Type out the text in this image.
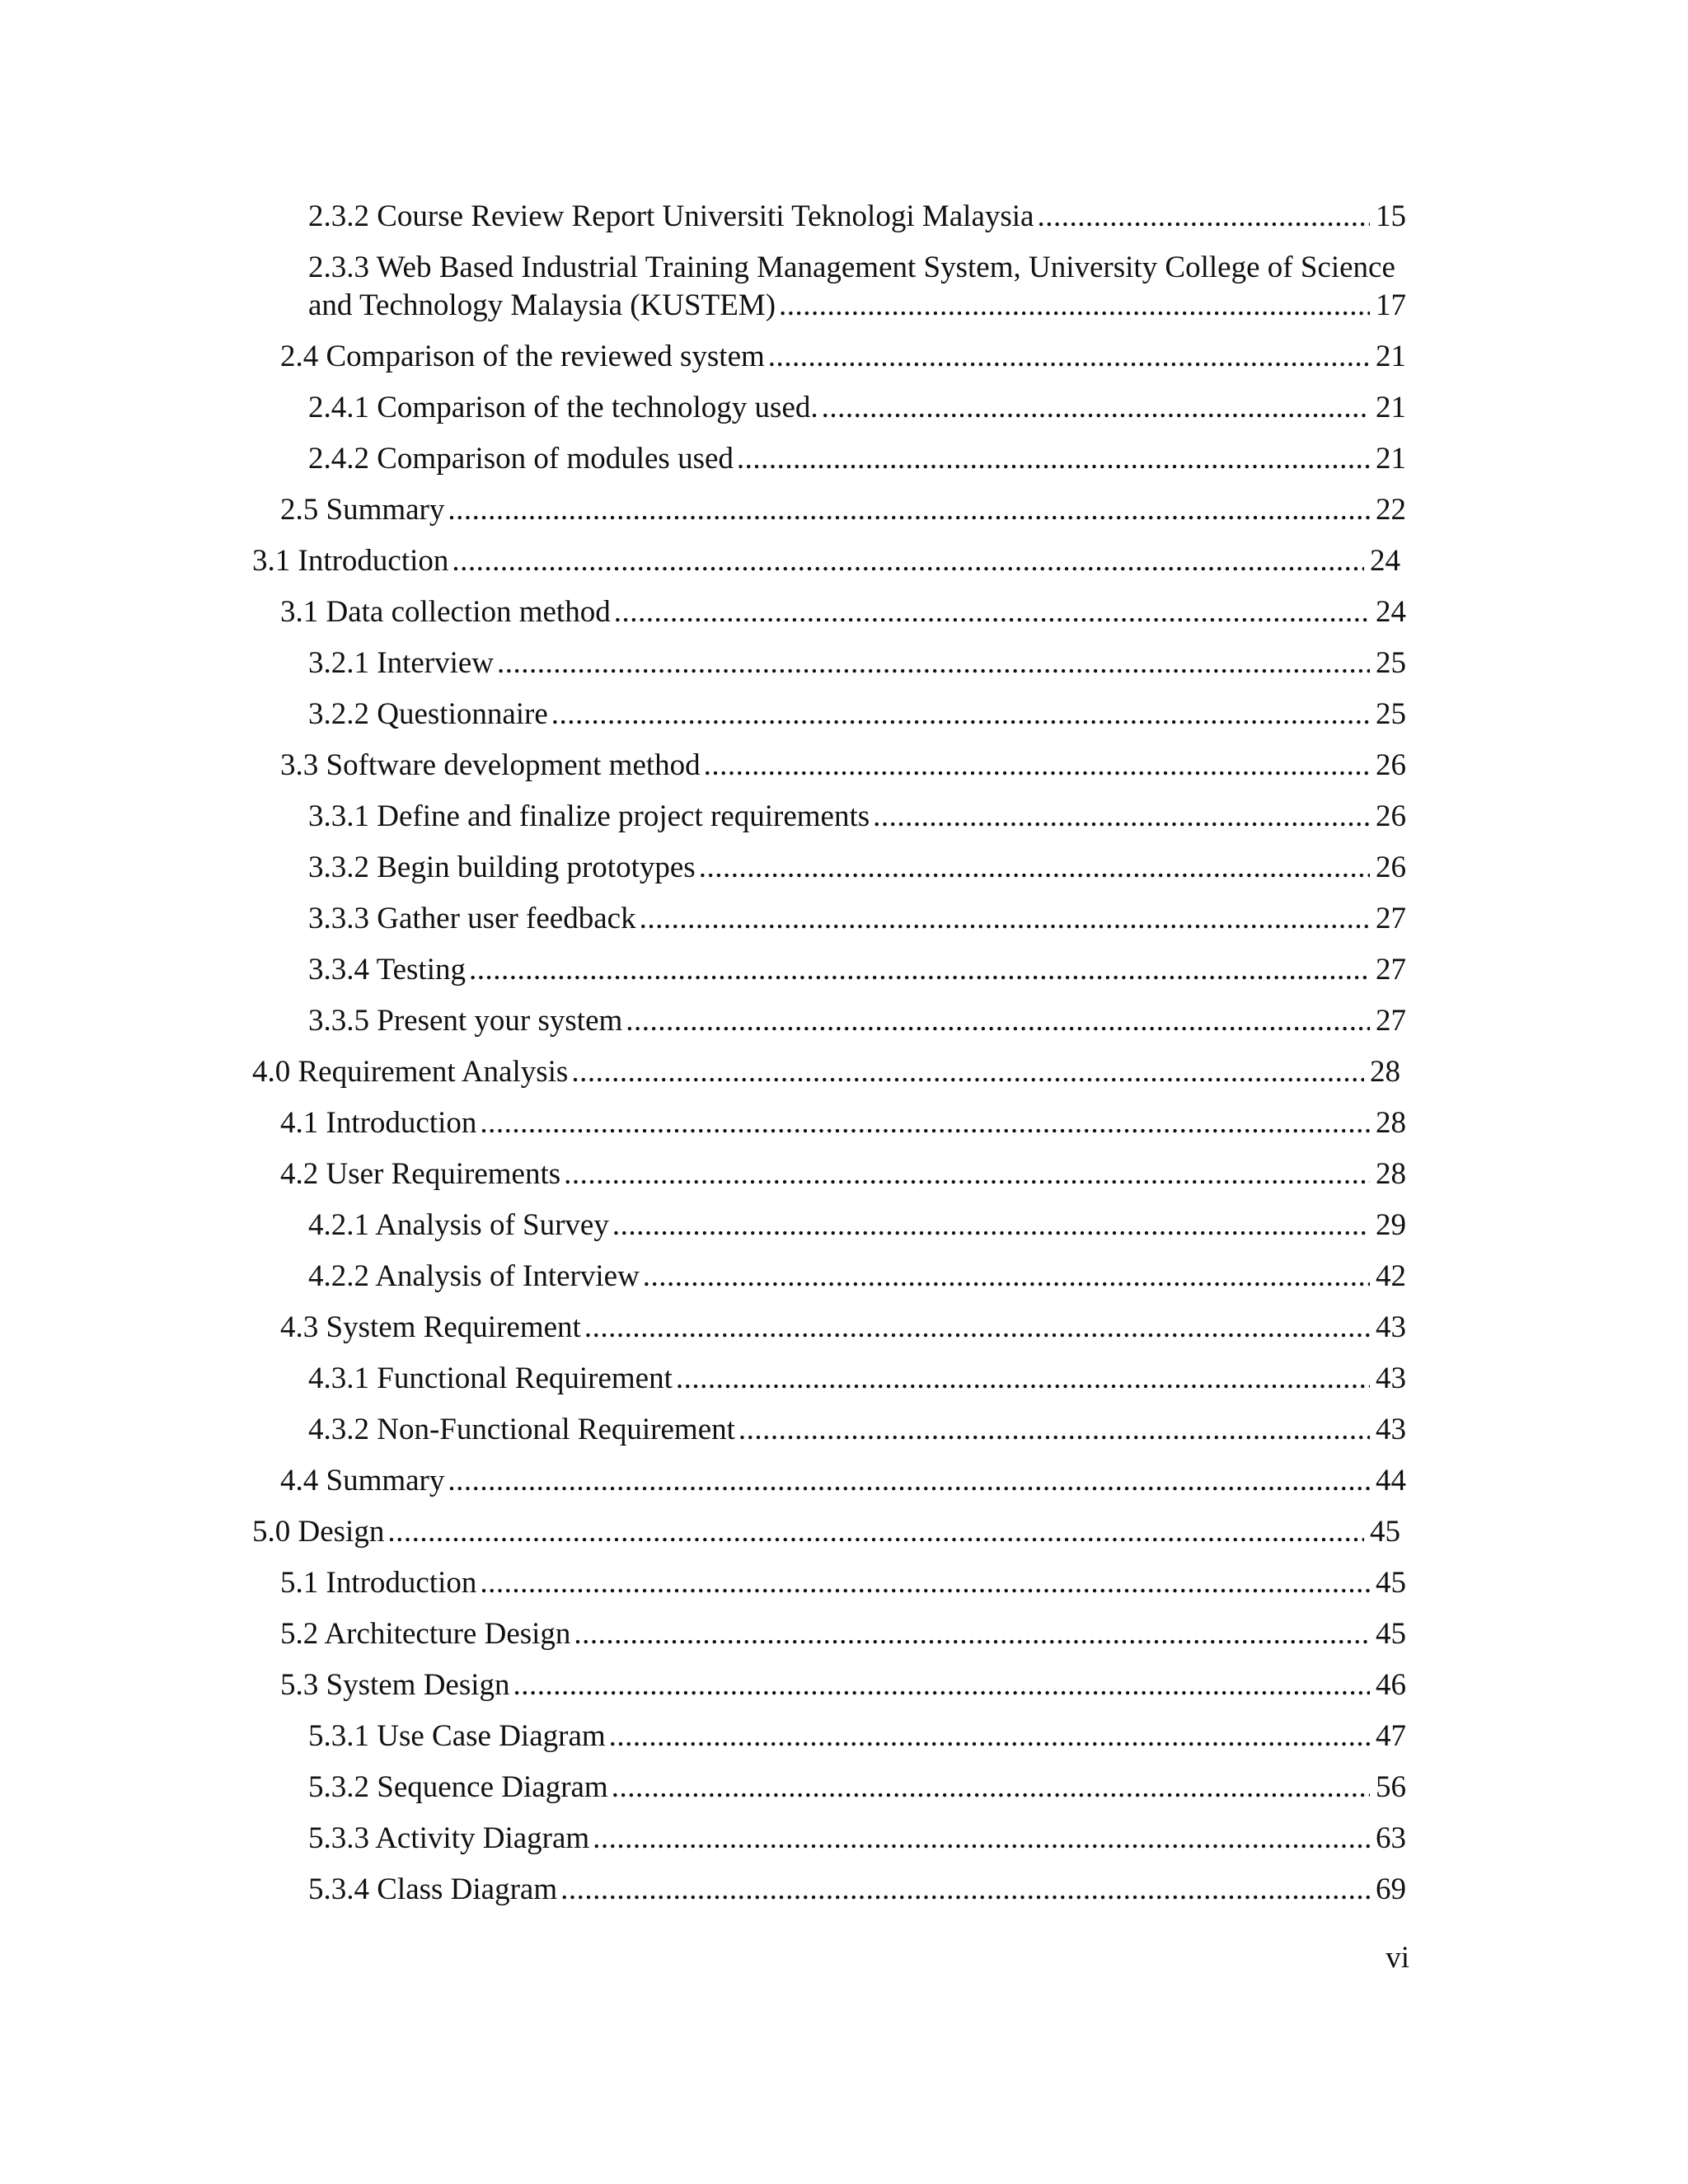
2.3.2 Course Review Report Universiti Teknologi Malaysia .....	15
2.3.3 Web Based Industrial Training Management System, University College of Science
and Technology Malaysia (KUSTEM) .....	17
2.4 Comparison of the reviewed system .....	21
2.4.1 Comparison of the technology used. .....	21
2.4.2 Comparison of modules used .....	21
2.5 Summary .....	22
3.1 Introduction .....	24
3.1 Data collection method .....	24
3.2.1 Interview .....	25
3.2.2 Questionnaire .....	25
3.3 Software development method .....	26
3.3.1 Define and finalize project requirements .....	26
3.3.2 Begin building prototypes .....	26
3.3.3 Gather user feedback .....	27
3.3.4 Testing .....	27
3.3.5 Present your system .....	27
4.0 Requirement Analysis .....	28
4.1 Introduction .....	28
4.2 User Requirements .....	28
4.2.1 Analysis of Survey .....	29
4.2.2 Analysis of Interview .....	42
4.3 System Requirement .....	43
4.3.1 Functional Requirement .....	43
4.3.2 Non-Functional Requirement .....	43
4.4 Summary .....	44
5.0 Design .....	45
5.1 Introduction .....	45
5.2 Architecture Design .....	45
5.3 System Design .....	46
5.3.1 Use Case Diagram .....	47
5.3.2 Sequence Diagram .....	56
5.3.3 Activity Diagram .....	63
5.3.4 Class Diagram .....	69
vi
